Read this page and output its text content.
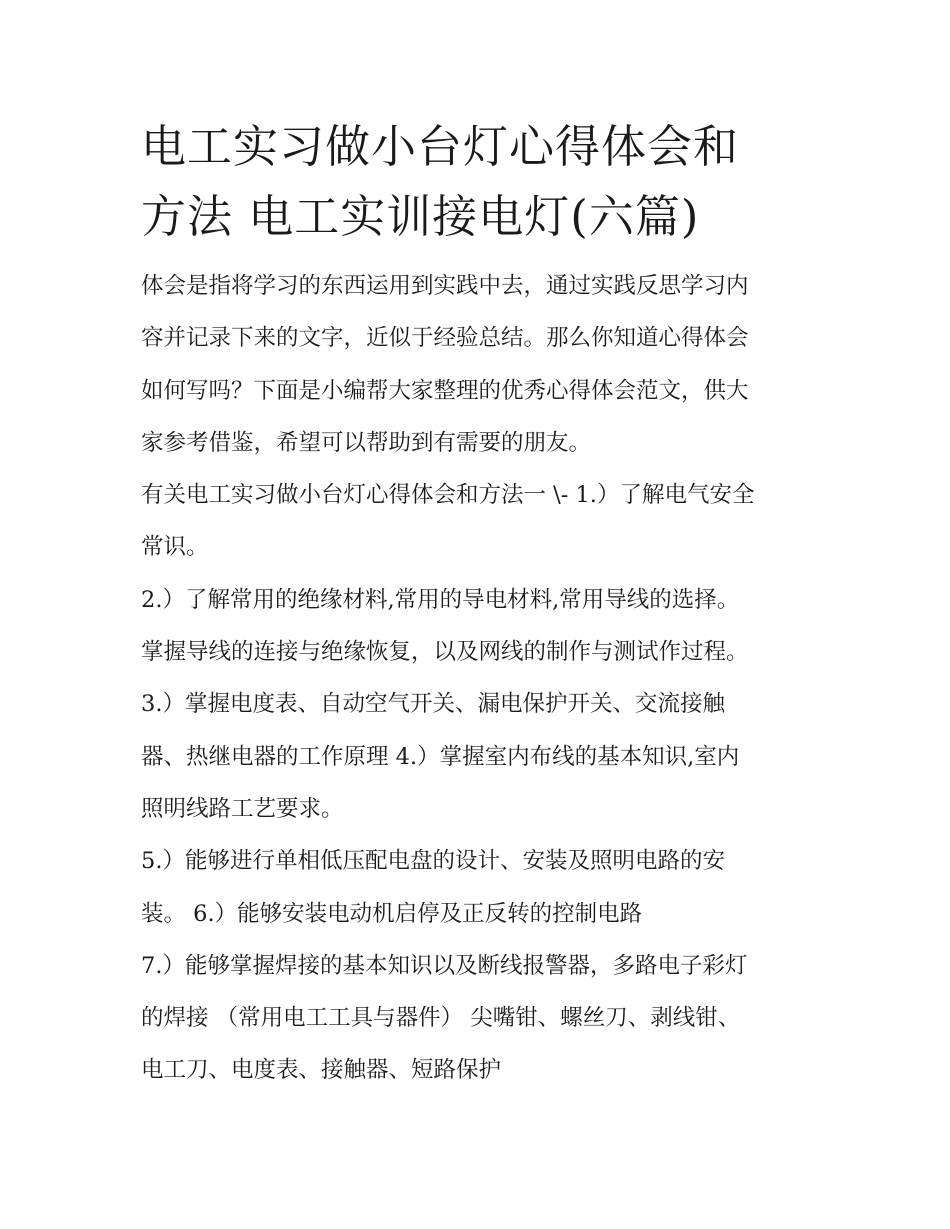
电工实习做小台灯心得体会和
方法 电工实训接电灯(六篇)
体会是指将学习的东西运用到实践中去，通过实践反思学习内
容并记录下来的文字，近似于经验总结。那么你知道心得体会
如何写吗？下面是小编帮大家整理的优秀心得体会范文，供大
家参考借鉴，希望可以帮助到有需要的朋友。
有关电工实习做小台灯心得体会和方法一 \- 1.）了解电气安全
常识。
2.）了解常用的绝缘材料,常用的导电材料,常用导线的选择。
掌握导线的连接与绝缘恢复，以及网线的制作与测试作过程。
3.）掌握电度表、自动空气开关、漏电保护开关、交流接触
器、热继电器的工作原理 4.）掌握室内布线的基本知识,室内
照明线路工艺要求。
5.）能够进行单相低压配电盘的设计、安装及照明电路的安
装。 6.）能够安装电动机启停及正反转的控制电路
7.）能够掌握焊接的基本知识以及断线报警器，多路电子彩灯
的焊接 （常用电工工具与器件） 尖嘴钳、螺丝刀、剥线钳、
电工刀、电度表、接触器、短路保护
